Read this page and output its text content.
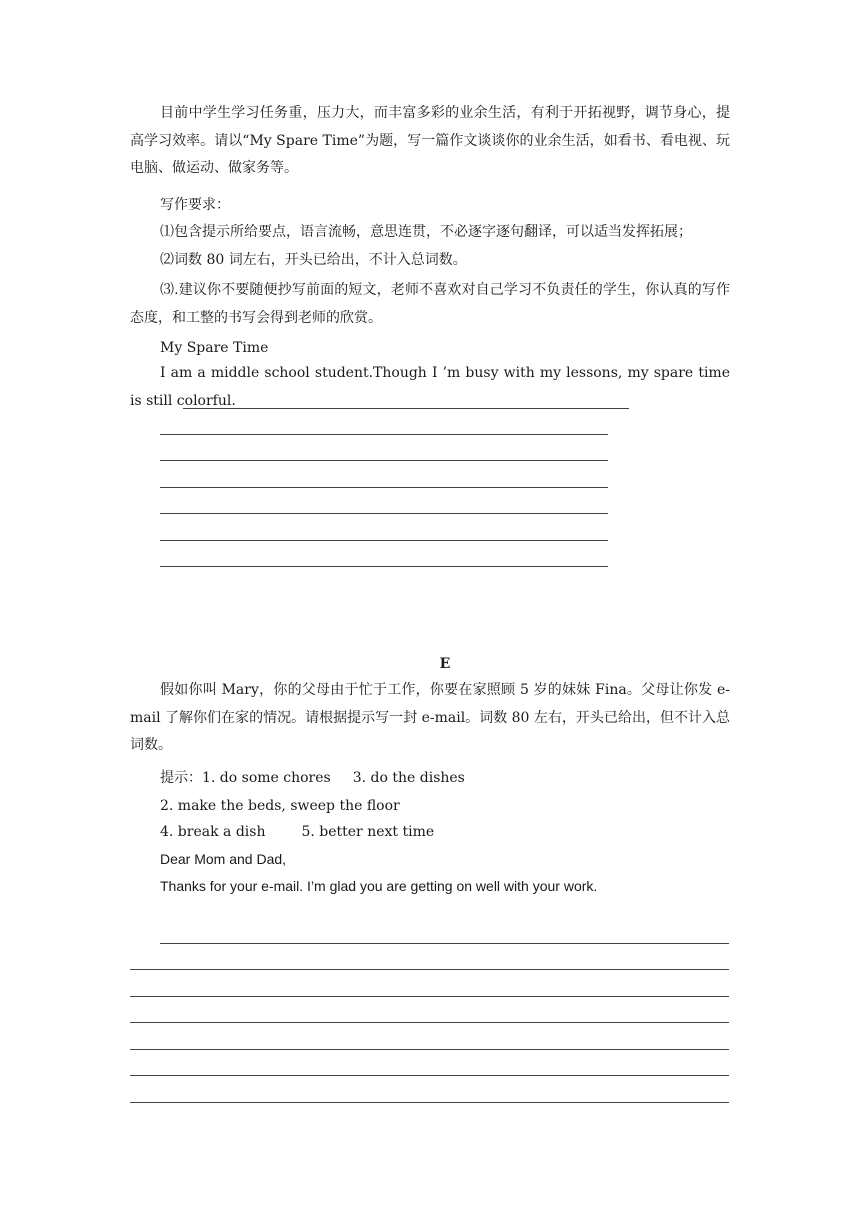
目前中学生学习任务重，压力大，而丰富多彩的业余生活，有利于开拓视野，调节身心，提高学习效率。请以“My Spare Time”为题，写一篇作文谈谈你的业余生活，如看书、看电视、玩电脑、做运动、做家务等。

写作要求：

⑴包含提示所给要点，语言流畅，意思连贯，不必逐字逐句翻译，可以适当发挥拓展；

⑵词数 80 词左右，开头已给出，不计入总词数。

⑶.建议你不要随便抄写前面的短文，老师不喜欢对自己学习不负责任的学生，你认真的写作态度，和工整的书写会得到老师的欣赏。

My Spare Time

I am a middle school student.Though I ’m busy with my lessons, my spare time is still colorful.

E

假如你叫 Mary，你的父母由于忙于工作，你要在家照顾 5 岁的妹妹 Fina。父母让你发 e-mail 了解你们在家的情况。请根据提示写一封 e-mail。词数 80 左右，开头已给出，但不计入总词数。

提示：1. do some chores 3. do the dishes

2. make the beds, sweep the floor

4. break a dish	5. better next time

Dear Mom and Dad,

Thanks for your e-mail. I’m glad you are getting on well with your work.
